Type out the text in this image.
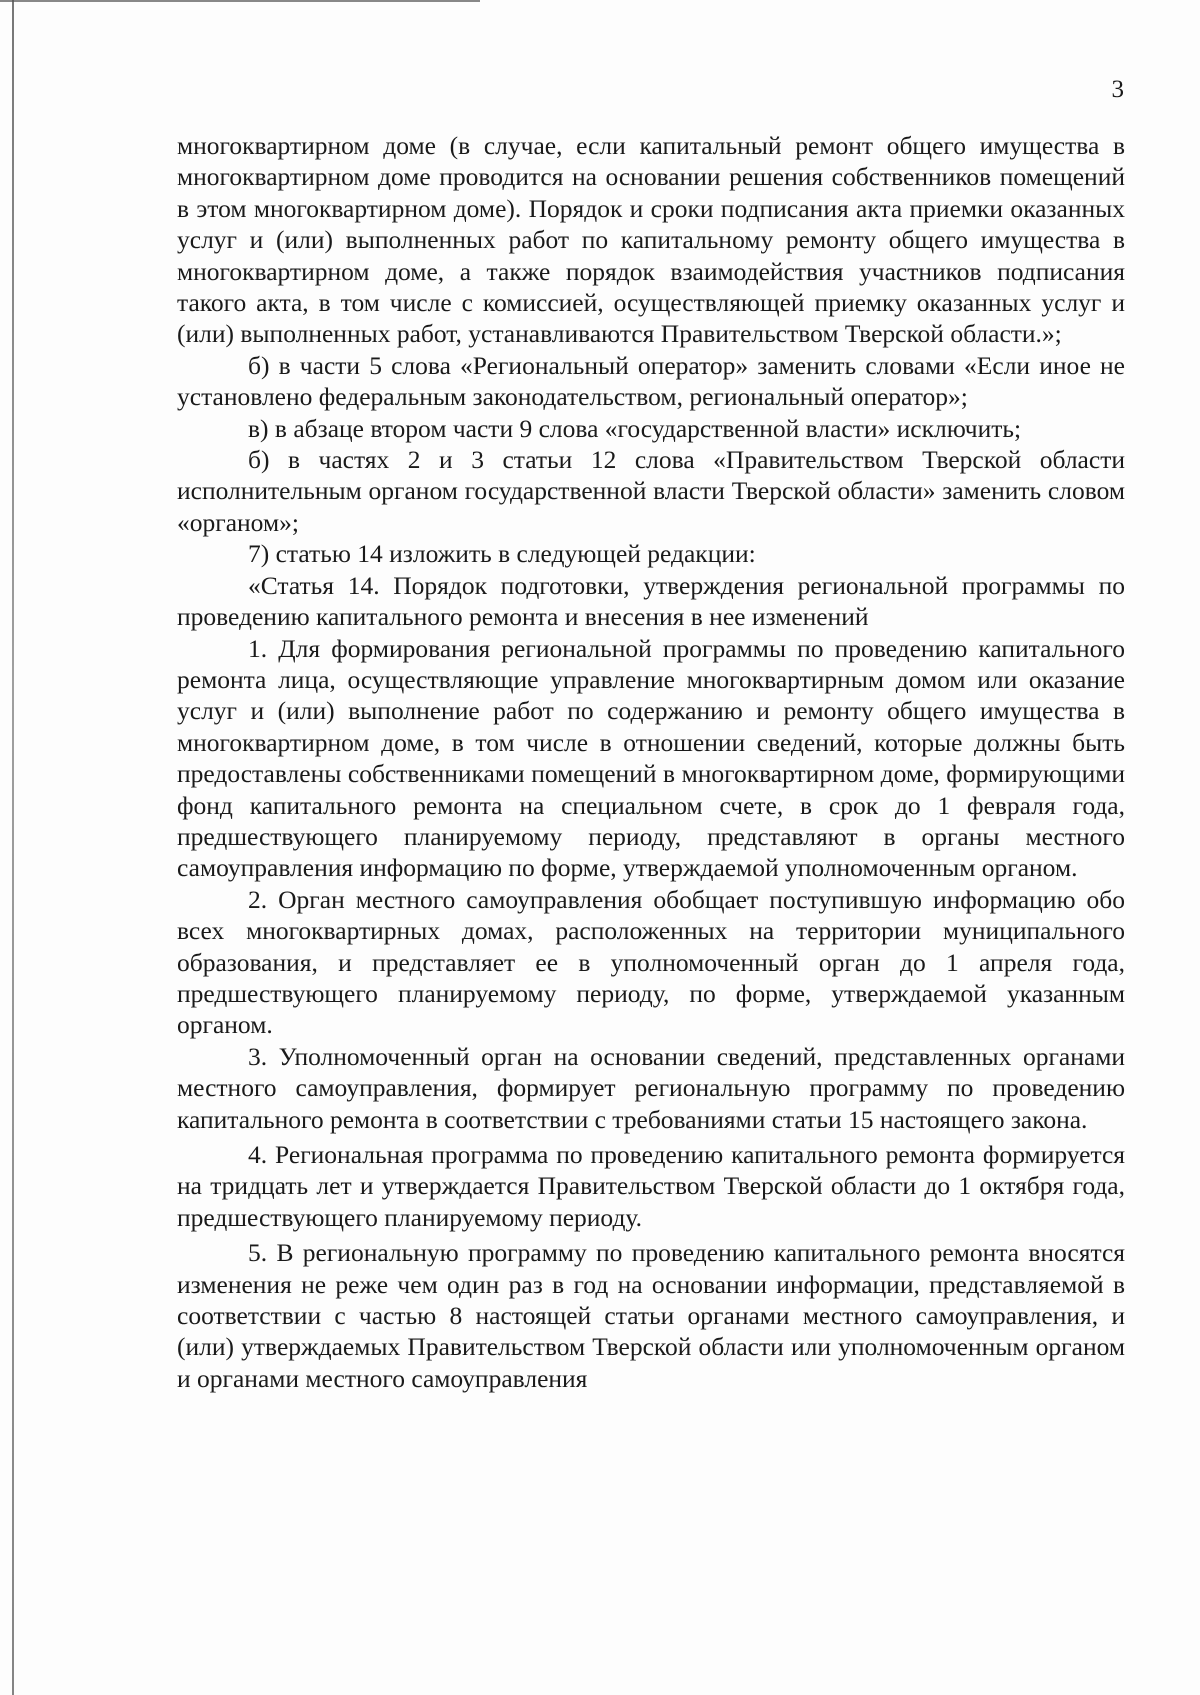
3

многоквартирном доме (в случае, если капитальный ремонт общего имущества в многоквартирном доме проводится на основании решения собственников помещений в этом многоквартирном доме). Порядок и сроки подписания акта приемки оказанных услуг и (или) выполненных работ по капитальному ремонту общего имущества в многоквартирном доме, а также порядок взаимодействия участников подписания такого акта, в том числе с комиссией, осуществляющей приемку оказанных услуг и (или) выполненных работ, устанавливаются Правительством Тверской области.»;

б) в части 5 слова «Региональный оператор» заменить словами «Если иное не установлено федеральным законодательством, региональный оператор»;

в) в абзаце втором части 9 слова «государственной власти» исключить;

б) в частях 2 и 3 статьи 12 слова «Правительством Тверской области исполнительным органом государственной власти Тверской области» заменить словом «органом»;

7) статью 14 изложить в следующей редакции:

«Статья 14. Порядок подготовки, утверждения региональной программы по проведению капитального ремонта и внесения в нее изменений

1. Для формирования региональной программы по проведению капитального ремонта лица, осуществляющие управление многоквартирным домом или оказание услуг и (или) выполнение работ по содержанию и ремонту общего имущества в многоквартирном доме, в том числе в отношении сведений, которые должны быть предоставлены собственниками помещений в многоквартирном доме, формирующими фонд капитального ремонта на специальном счете, в срок до 1 февраля года, предшествующего планируемому периоду, представляют в органы местного самоуправления информацию по форме, утверждаемой уполномоченным органом.

2. Орган местного самоуправления обобщает поступившую информацию обо всех многоквартирных домах, расположенных на территории муниципального образования, и представляет ее в уполномоченный орган до 1 апреля года, предшествующего планируемому периоду, по форме, утверждаемой указанным органом.

3. Уполномоченный орган на основании сведений, представленных органами местного самоуправления, формирует региональную программу по проведению капитального ремонта в соответствии с требованиями статьи 15 настоящего закона.

4. Региональная программа по проведению капитального ремонта формируется на тридцать лет и утверждается Правительством Тверской области до 1 октября года, предшествующего планируемому периоду.

5. В региональную программу по проведению капитального ремонта вносятся изменения не реже чем один раз в год на основании информации, представляемой в соответствии с частью 8 настоящей статьи органами местного самоуправления, и (или) утверждаемых Правительством Тверской области или уполномоченным органом и органами местного самоуправления
